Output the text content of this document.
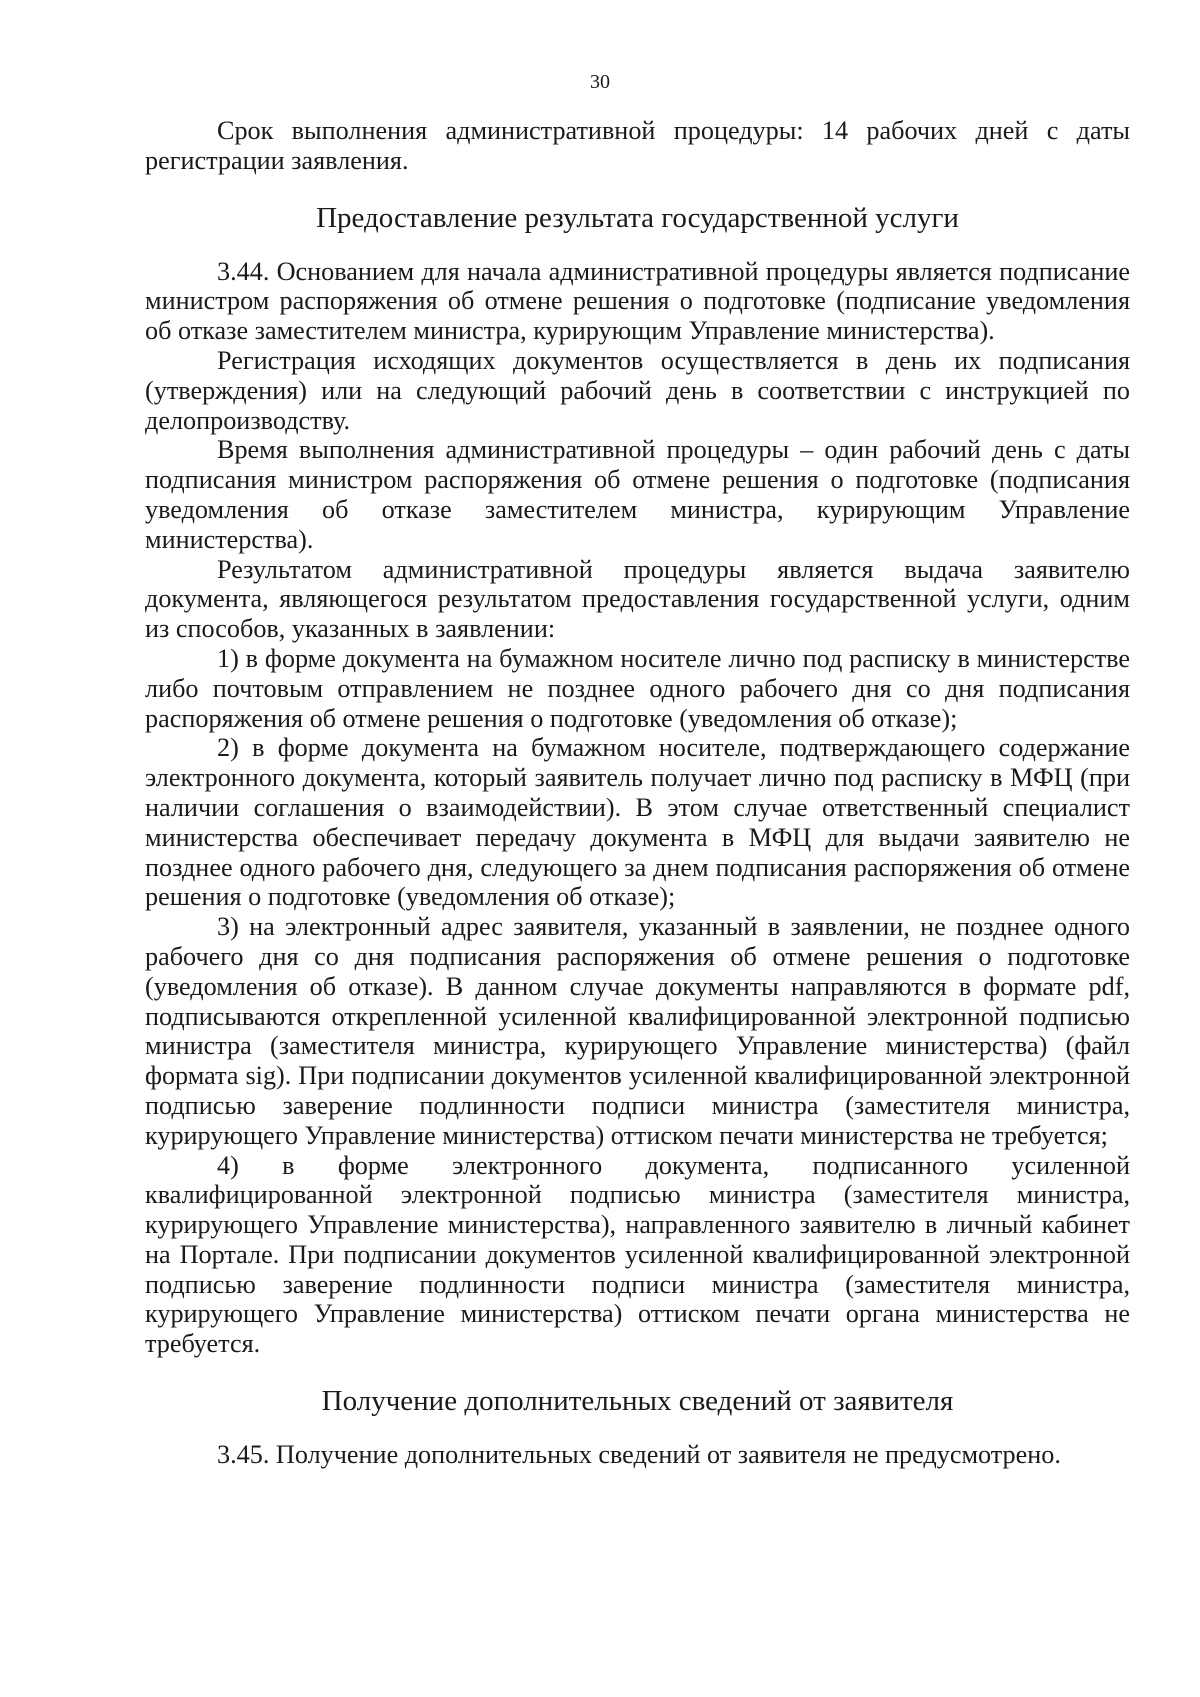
30

Срок выполнения административной процедуры: 14 рабочих дней с даты регистрации заявления.

Предоставление результата государственной услуги

3.44. Основанием для начала административной процедуры является подписание министром распоряжения об отмене решения о подготовке (подписание уведомления об отказе заместителем министра, курирующим Управление министерства).

Регистрация исходящих документов осуществляется в день их подписания (утверждения) или на следующий рабочий день в соответствии с инструкцией по делопроизводству.

Время выполнения административной процедуры – один рабочий день с даты подписания министром распоряжения об отмене решения о подготовке (подписания уведомления об отказе заместителем министра, курирующим Управление министерства).

Результатом административной процедуры является выдача заявителю документа, являющегося результатом предоставления государственной услуги, одним из способов, указанных в заявлении:

1) в форме документа на бумажном носителе лично под расписку в министерстве либо почтовым отправлением не позднее одного рабочего дня со дня подписания распоряжения об отмене решения о подготовке (уведомления об отказе);

2) в форме документа на бумажном носителе, подтверждающего содержание электронного документа, который заявитель получает лично под расписку в МФЦ (при наличии соглашения о взаимодействии). В этом случае ответственный специалист министерства обеспечивает передачу документа в МФЦ для выдачи заявителю не позднее одного рабочего дня, следующего за днем подписания распоряжения об отмене решения о подготовке (уведомления об отказе);

3) на электронный адрес заявителя, указанный в заявлении, не позднее одного рабочего дня со дня подписания распоряжения об отмене решения о подготовке (уведомления об отказе). В данном случае документы направляются в формате pdf, подписываются открепленной усиленной квалифицированной электронной подписью министра (заместителя министра, курирующего Управление министерства) (файл формата sig). При подписании документов усиленной квалифицированной электронной подписью заверение подлинности подписи министра (заместителя министра, курирующего Управление министерства) оттиском печати министерства не требуется;

4) в форме электронного документа, подписанного усиленной квалифицированной электронной подписью министра (заместителя министра, курирующего Управление министерства), направленного заявителю в личный кабинет на Портале. При подписании документов усиленной квалифицированной электронной подписью заверение подлинности подписи министра (заместителя министра, курирующего Управление министерства) оттиском печати органа министерства не требуется.

Получение дополнительных сведений от заявителя

3.45. Получение дополнительных сведений от заявителя не предусмотрено.
